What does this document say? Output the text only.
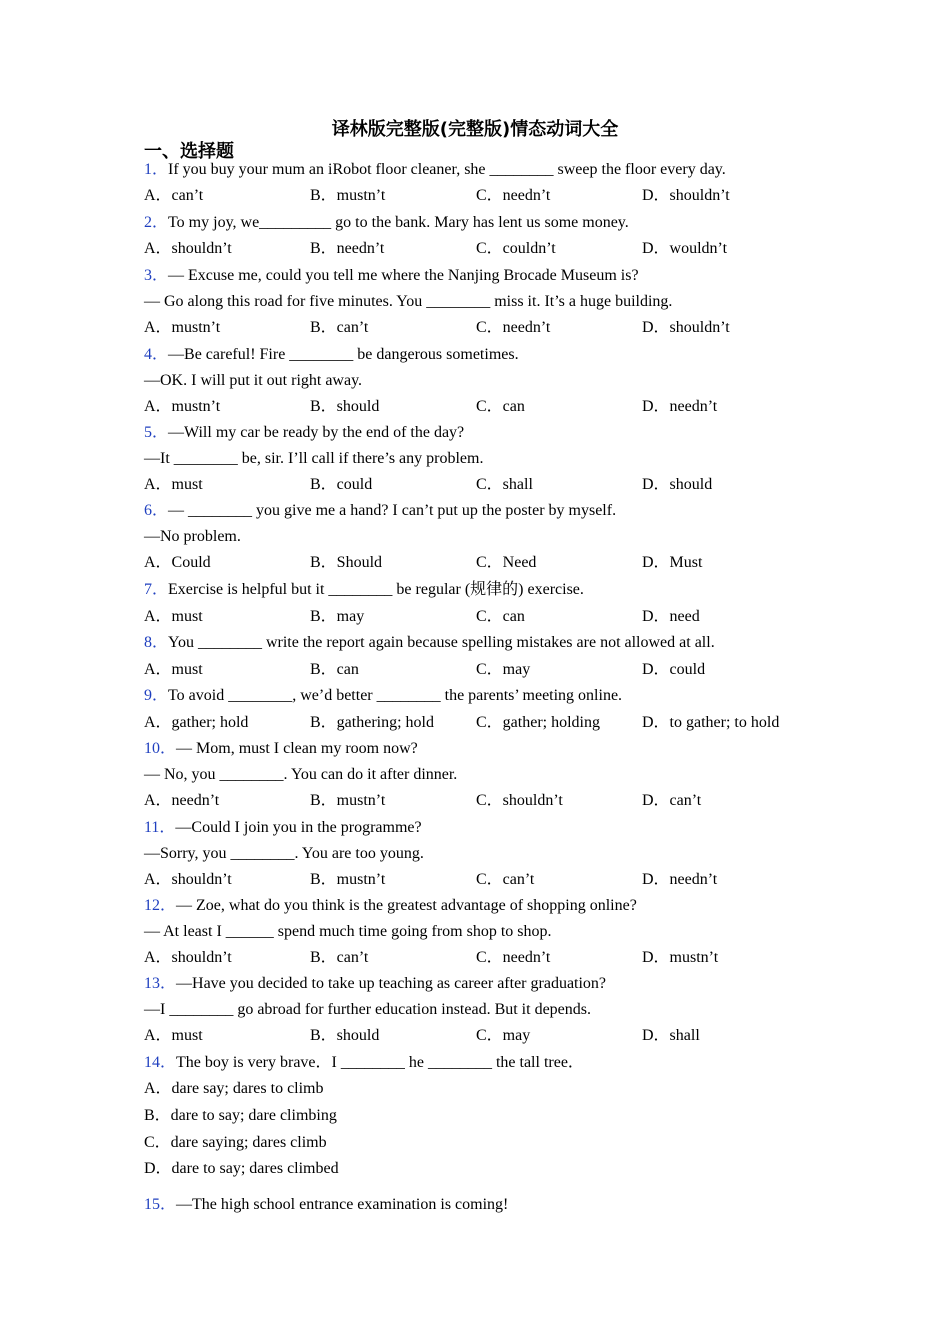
译林版完整版(完整版)情态动词大全
一、选择题
1．If you buy your mum an iRobot floor cleaner, she ________ sweep the floor every day.
A．can’t	B．mustn’t	C．needn’t	D．shouldn’t
2．To my joy, we_________ go to the bank. Mary has lent us some money.
A．shouldn’t	B．needn’t	C．couldn’t	D．wouldn’t
3．— Excuse me, could you tell me where the Nanjing Brocade Museum is?
— Go along this road for five minutes. You ________ miss it. It’s a huge building.
A．mustn’t	B．can’t	C．needn’t	D．shouldn’t
4．—Be careful! Fire ________ be dangerous sometimes.
—OK. I will put it out right away.
A．mustn’t	B．should	C．can	D．needn’t
5．—Will my car be ready by the end of the day?
—It ________ be, sir. I’ll call if there’s any problem.
A．must	B．could	C．shall	D．should
6．— ________ you give me a hand? I can’t put up the poster by myself.
—No problem.
A．Could	B．Should	C．Need	D．Must
7．Exercise is helpful but it ________ be regular (规律的) exercise.
A．must	B．may	C．can	D．need
8．You ________ write the report again because spelling mistakes are not allowed at all.
A．must	B．can	C．may	D．could
9．To avoid ________, we’d better ________ the parents’ meeting online.
A．gather; hold	B．gathering; hold	C．gather; holding	D．to gather; to hold
10．— Mom, must I clean my room now?
— No, you ________. You can do it after dinner.
A．needn’t	B．mustn’t	C．shouldn’t	D．can’t
11．—Could I join you in the programme?
—Sorry, you ________. You are too young.
A．shouldn’t	B．mustn’t	C．can’t	D．needn’t
12．— Zoe, what do you think is the greatest advantage of shopping online?
— At least I ______ spend much time going from shop to shop.
A．shouldn’t	B．can’t	C．needn’t	D．mustn’t
13．—Have you decided to take up teaching as career after graduation?
—I ________ go abroad for further education instead. But it depends.
A．must	B．should	C．may	D．shall
14．The boy is very brave．I ________ he ________ the tall tree．
A．dare say; dares to climb
B．dare to say; dare climbing
C．dare saying; dares climb
D．dare to say; dares climbed
15．—The high school entrance examination is coming!
